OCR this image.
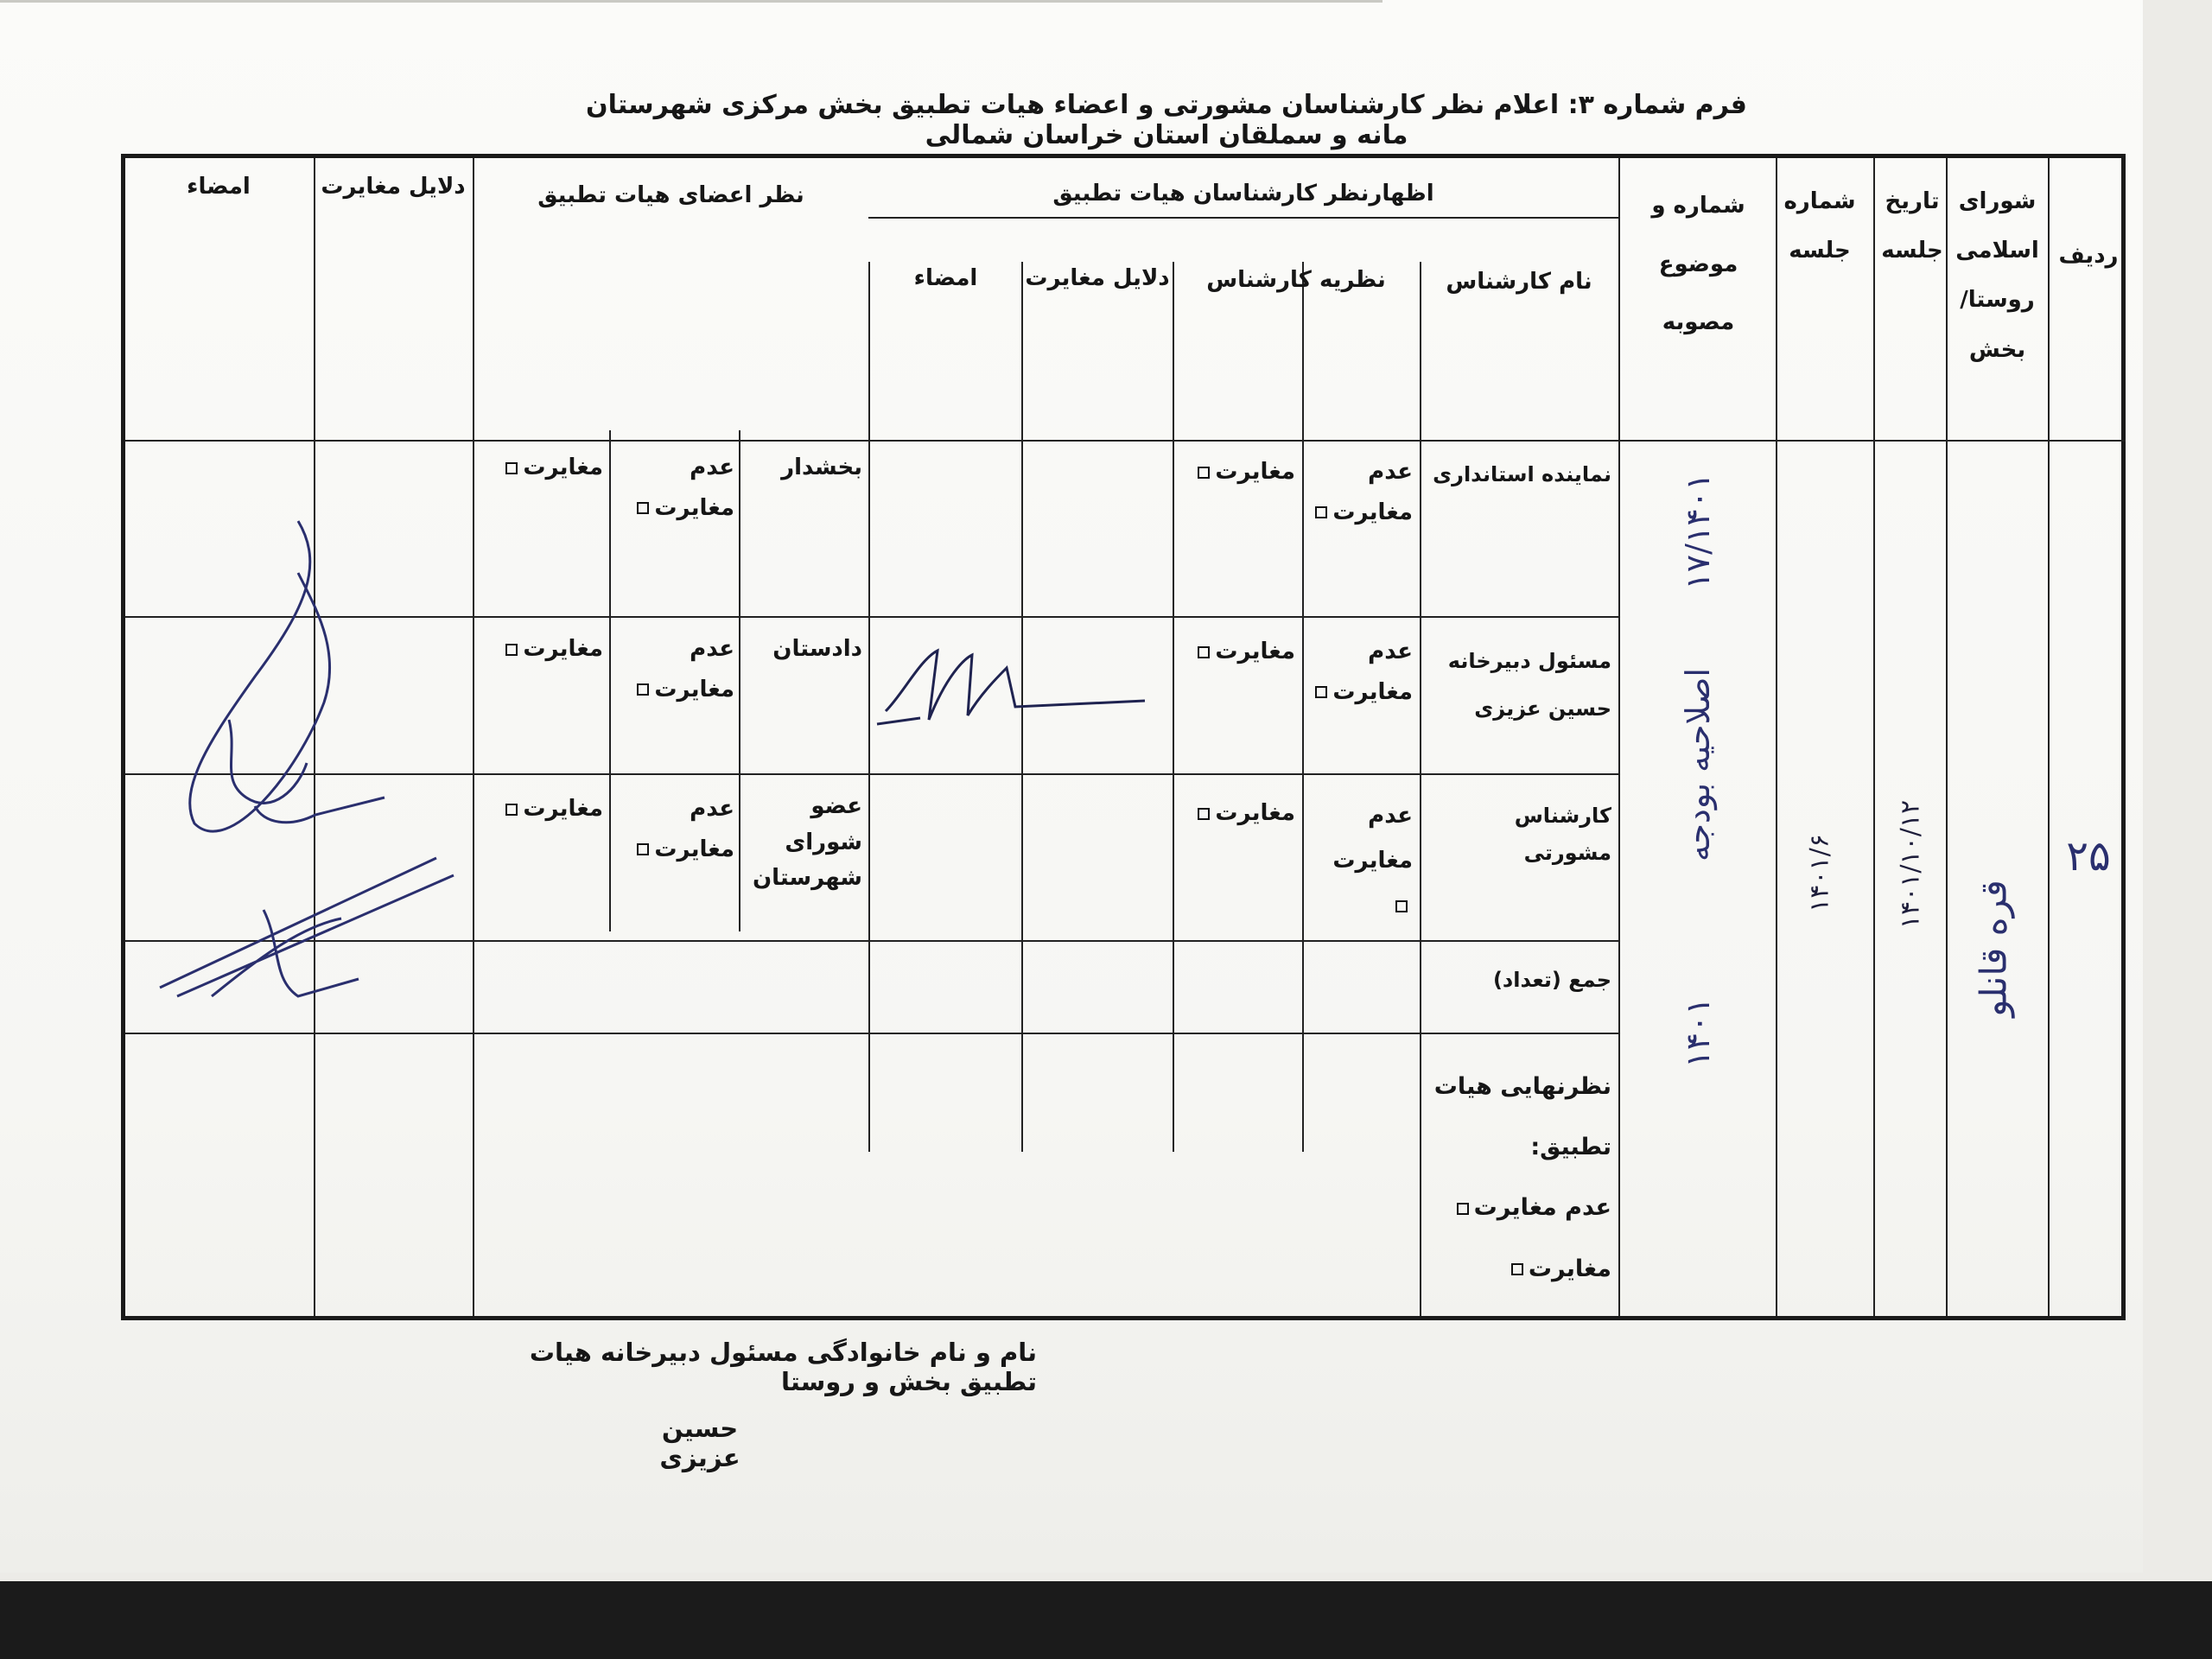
فرم شماره ۳: اعلام نظر کارشناسان مشورتی و اعضاء هیات تطبیق بخش مرکزی شهرستان مانه و سملقان استان خراسان شمالی
ردیف
شورای اسلامی روستا/ بخش
تاریخ جلسه
شماره جلسه
شماره و موضوع مصوبه
اظهارنظر کارشناسان هیات تطبیق
نام کارشناس
نظریه کارشناس
دلایل مغایرت
امضاء
نظر اعضای هیات تطبیق
دلایل مغایرت
امضاء
نماینده استانداری
عدم
مغایرت
مغایرت
بخشدار
عدم
مغایرت
مغایرت
مسئول دبیرخانه
حسین عزیزی
عدم
مغایرت
مغایرت
دادستان
عدم
مغایرت
مغایرت
کارشناس مشورتی
عدم
مغایرت

مغایرت
عضو
شورای
شهرستان
عدم
مغایرت
مغایرت
جمع (تعداد)
نظرنهایی هیات
تطبیق:
عدم مغایرت
مغایرت
۲۵
قره قانلو
۱۴۰۱/۱۰/۱۲
۱۴۰۱/۶
۱۷/۱۴۰۱
اصلاحیه بودجه
۱۴۰۱
نام و نام خانوادگی مسئول دبیرخانه هیات تطبیق بخش و روستا
حسین عزیزی
